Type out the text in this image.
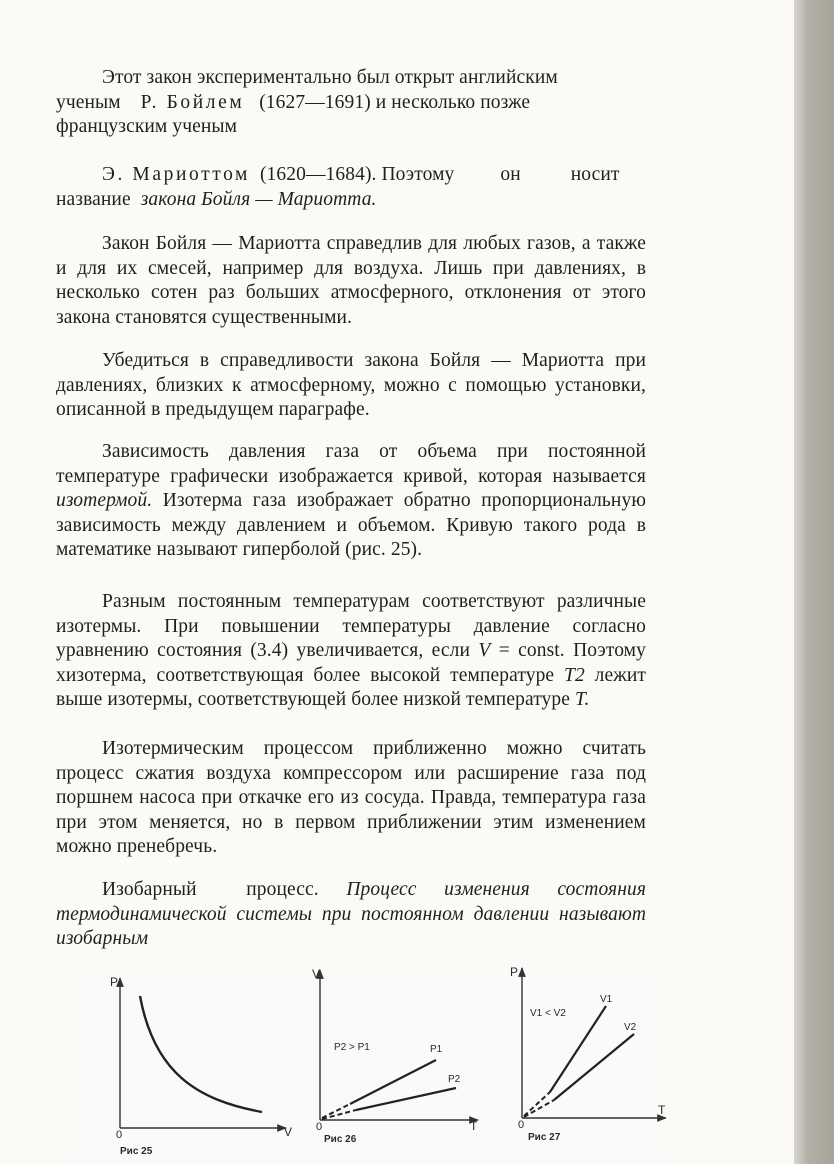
Этот закон экспериментально был открыт английским
ученым Р. Бойлем (1627—1691) и несколько позже
французским ученым

Э. Мариоттом (1620—1684). Поэтому он	носит
название закона Бойля — Мариотта.

Закон Бойля — Мариотта справедлив для любых газов, а также и для их смесей, например для воздуха. Лишь при давлениях, в несколько сотен раз больших атмосферного, отклонения от этого закона становятся существенными.

Убедиться в справедливости закона Бойля — Мариотта при давлениях, близких к атмосферному, можно с помощью установки, описанной в предыдущем параграфе.

Зависимость давления газа от объема при постоянной температуре графически изображается кривой, которая называется изотермой. Изотерма газа изображает обратно пропорциональную зависимость между давлением и объемом. Кривую такого рода в математике называют гиперболой (рис. 25).

Разным постоянным температурам соответствуют различные изотермы. При повышении температуры давление согласно уравнению состояния (3.4) увеличивается, если V = const. Поэтому хизотерма, соответствующая более высокой температуре T2 лежит выше изотермы, соответствующей более низкой температуре T.

Изотермическим процессом приближенно можно считать процесс сжатия воздуха компрессором или расширение газа под поршнем насоса при откачке его из сосуда. Правда, температура газа при этом меняется, но в первом приближении этим изменением можно пренебречь.

Изобарный процесс. Процесс изменения состояния термодинамической системы при постоянном давлении называют изобарным

P
V
0
Рис 25
V
T
0
P2 > P1	P1
P2
Рис 26
P
T
0
V1 < V2
V1
V2
Рис 27
